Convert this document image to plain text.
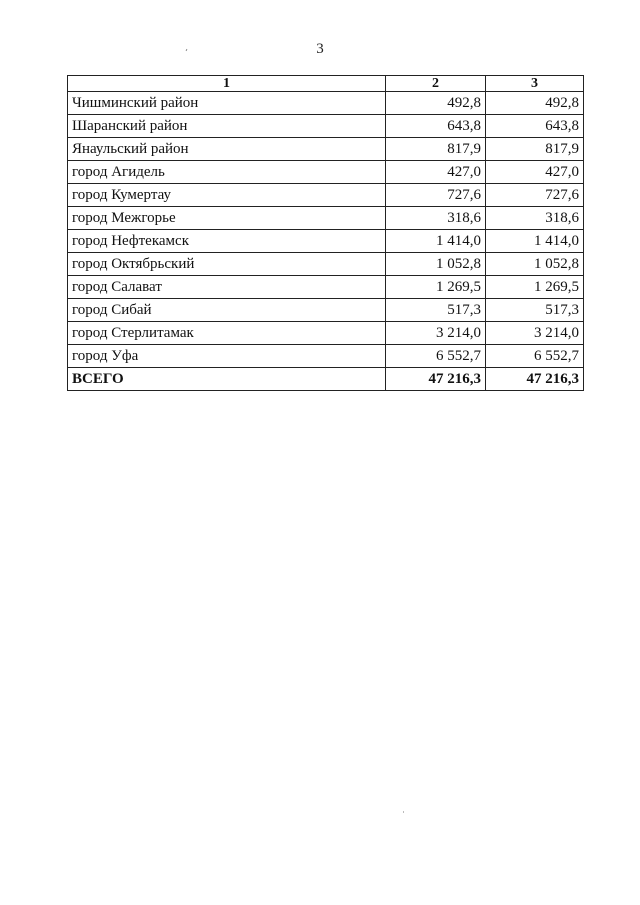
3
1	2	3
Чишминский район	492,8	492,8
Шаранский район	643,8	643,8
Янаульский район	817,9	817,9
город Агидель	427,0	427,0
город Кумертау	727,6	727,6
город Межгорье	318,6	318,6
город Нефтекамск	1 414,0	1 414,0
город Октябрьский	1 052,8	1 052,8
город Салават	1 269,5	1 269,5
город Сибай	517,3	517,3
город Стерлитамак	3 214,0	3 214,0
город Уфа	6 552,7	6 552,7
ВСЕГО	47 216,3	47 216,3
